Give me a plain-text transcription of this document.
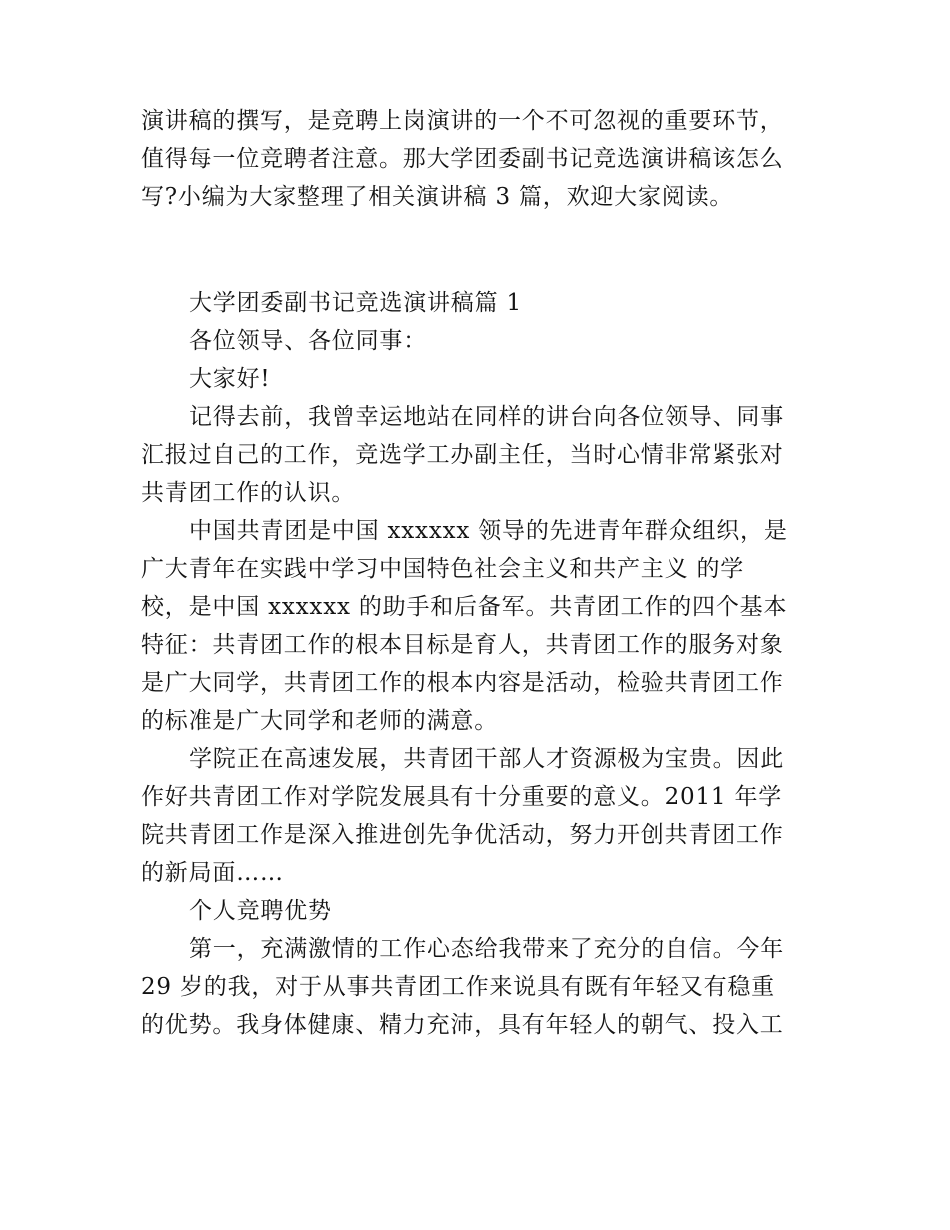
演讲稿的撰写，是竞聘上岗演讲的一个不可忽视的重要环节，
值得每一位竞聘者注意。那大学团委副书记竞选演讲稿该怎么
写?小编为大家整理了相关演讲稿 3 篇，欢迎大家阅读。
大学团委副书记竞选演讲稿篇 1
各位领导、各位同事：
大家好!
记得去前，我曾幸运地站在同样的讲台向各位领导、同事
汇报过自己的工作，竞选学工办副主任，当时心情非常紧张对
共青团工作的认识。
中国共青团是中国 xxxxxx 领导的先进青年群众组织，是
广大青年在实践中学习中国特色社会主义和共产主义 的学
校，是中国 xxxxxx 的助手和后备军。共青团工作的四个基本
特征：共青团工作的根本目标是育人，共青团工作的服务对象
是广大同学，共青团工作的根本内容是活动，检验共青团工作
的标准是广大同学和老师的满意。
学院正在高速发展，共青团干部人才资源极为宝贵。因此
作好共青团工作对学院发展具有十分重要的意义。2011 年学
院共青团工作是深入推进创先争优活动，努力开创共青团工作
的新局面……
个人竞聘优势
第一，充满激情的工作心态给我带来了充分的自信。今年
29 岁的我，对于从事共青团工作来说具有既有年轻又有稳重
的优势。我身体健康、精力充沛，具有年轻人的朝气、投入工
